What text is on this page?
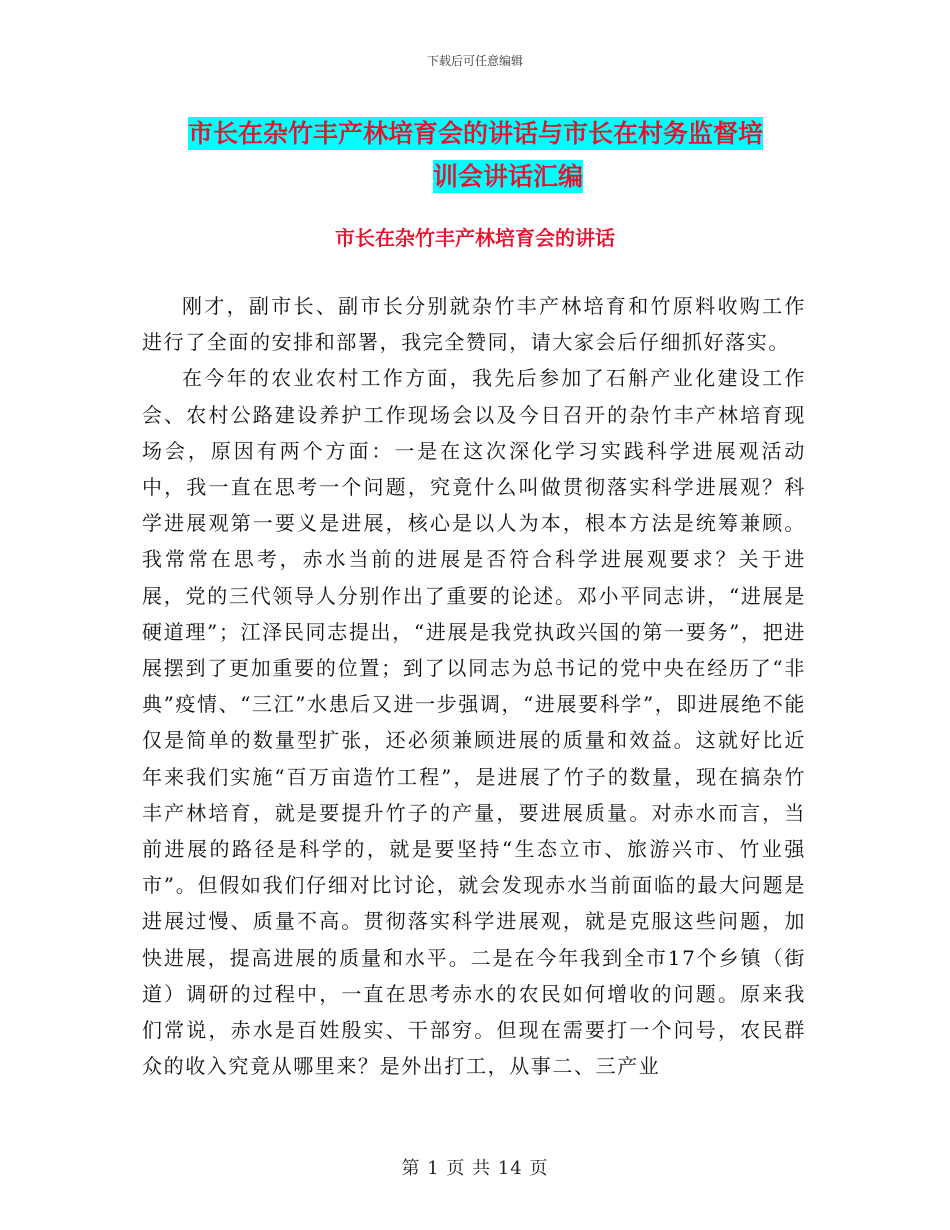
下载后可任意编辑
市长在杂竹丰产林培育会的讲话与市长在村务监督培
训会讲话汇编
市长在杂竹丰产林培育会的讲话

刚才，副市长、副市长分别就杂竹丰产林培育和竹原料收购工作进行了全面的安排和部署，我完全赞同，请大家会后仔细抓好落实。

在今年的农业农村工作方面，我先后参加了石斛产业化建设工作会、农村公路建设养护工作现场会以及今日召开的杂竹丰产林培育现场会，原因有两个方面：一是在这次深化学习实践科学进展观活动中，我一直在思考一个问题，究竟什么叫做贯彻落实科学进展观？科学进展观第一要义是进展，核心是以人为本，根本方法是统筹兼顾。我常常在思考，赤水当前的进展是否符合科学进展观要求？关于进展，党的三代领导人分别作出了重要的论述。邓小平同志讲，“进展是硬道理”；江泽民同志提出，“进展是我党执政兴国的第一要务”，把进展摆到了更加重要的位置；到了以同志为总书记的党中央在经历了“非典”疫情、“三江”水患后又进一步强调，“进展要科学”，即进展绝不能仅是简单的数量型扩张，还必须兼顾进展的质量和效益。这就好比近年来我们实施“百万亩造竹工程”，是进展了竹子的数量，现在搞杂竹丰产林培育，就是要提升竹子的产量，要进展质量。对赤水而言，当前进展的路径是科学的，就是要坚持“生态立市、旅游兴市、竹业强市”。但假如我们仔细对比讨论，就会发现赤水当前面临的最大问题是进展过慢、质量不高。贯彻落实科学进展观，就是克服这些问题，加快进展，提高进展的质量和水平。二是在今年我到全市17个乡镇（街道）调研的过程中，一直在思考赤水的农民如何增收的问题。原来我们常说，赤水是百姓殷实、干部穷。但现在需要打一个问号，农民群众的收入究竟从哪里来？是外出打工，从事二、三产业

第 1 页 共 14 页
